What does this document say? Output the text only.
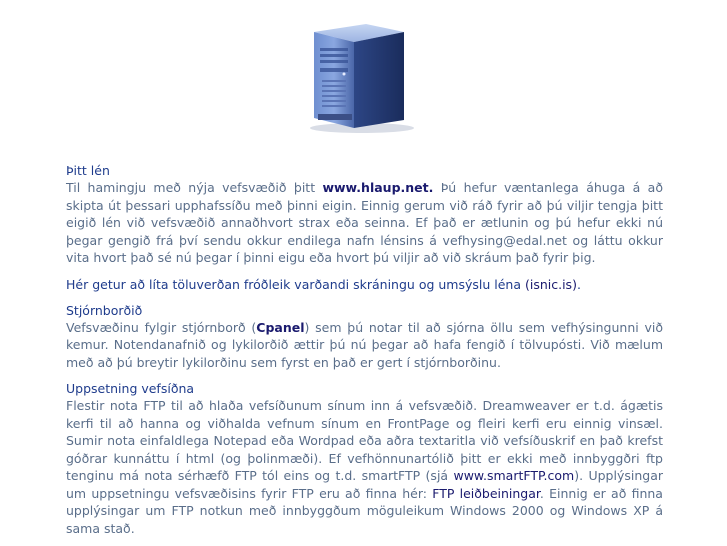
Þitt lén
Til hamingju með nýja vefsvæðið þitt www.hlaup.net. Þú hefur væntanlega áhuga á að skipta út þessari upphafssíðu með þinni eigin. Einnig gerum við ráð fyrir að þú viljir tengja þitt eigið lén við vefsvæðið annaðhvort strax eða seinna. Ef það er ætlunin og þú hefur ekki nú þegar gengið frá því sendu okkur endilega nafn lénsins á vefhysing@edal.net og láttu okkur vita hvort það sé nú þegar í þinni eigu eða hvort þú viljir að við skráum það fyrir þig.
Hér getur að líta töluverðan fróðleik varðandi skráningu og umsýslu léna (isnic.is).
Stjórnborðið
Vefsvæðinu fylgir stjórnborð (Cpanel) sem þú notar til að sjórna öllu sem vefhýsingunni við kemur. Notendanafnið og lykilorðið ættir þú nú þegar að hafa fengið í tölvupósti. Við mælum með að þú breytir lykilorðinu sem fyrst en það er gert í stjórnborðinu.
Uppsetning vefsíðna
Flestir nota FTP til að hlaða vefsíðunum sínum inn á vefsvæðið. Dreamweaver er t.d. ágætis kerfi til að hanna og viðhalda vefnum sínum en FrontPage og fleiri kerfi eru einnig vinsæl. Sumir nota einfaldlega Notepad eða Wordpad eða aðra textaritla við vefsíðuskrif en það krefst góðrar kunnáttu í html (og þolinmæði). Ef vefhönnunartólið þitt er ekki með innbyggðri ftp tenginu má nota sérhæfð FTP tól eins og t.d. smartFTP (sjá www.smartFTP.com). Upplýsingar um uppsetningu vefsvæðisins fyrir FTP eru að finna hér: FTP leiðbeiningar. Einnig er að finna upplýsingar um FTP notkun með innbyggðum möguleikum Windows 2000 og Windows XP á sama stað.
